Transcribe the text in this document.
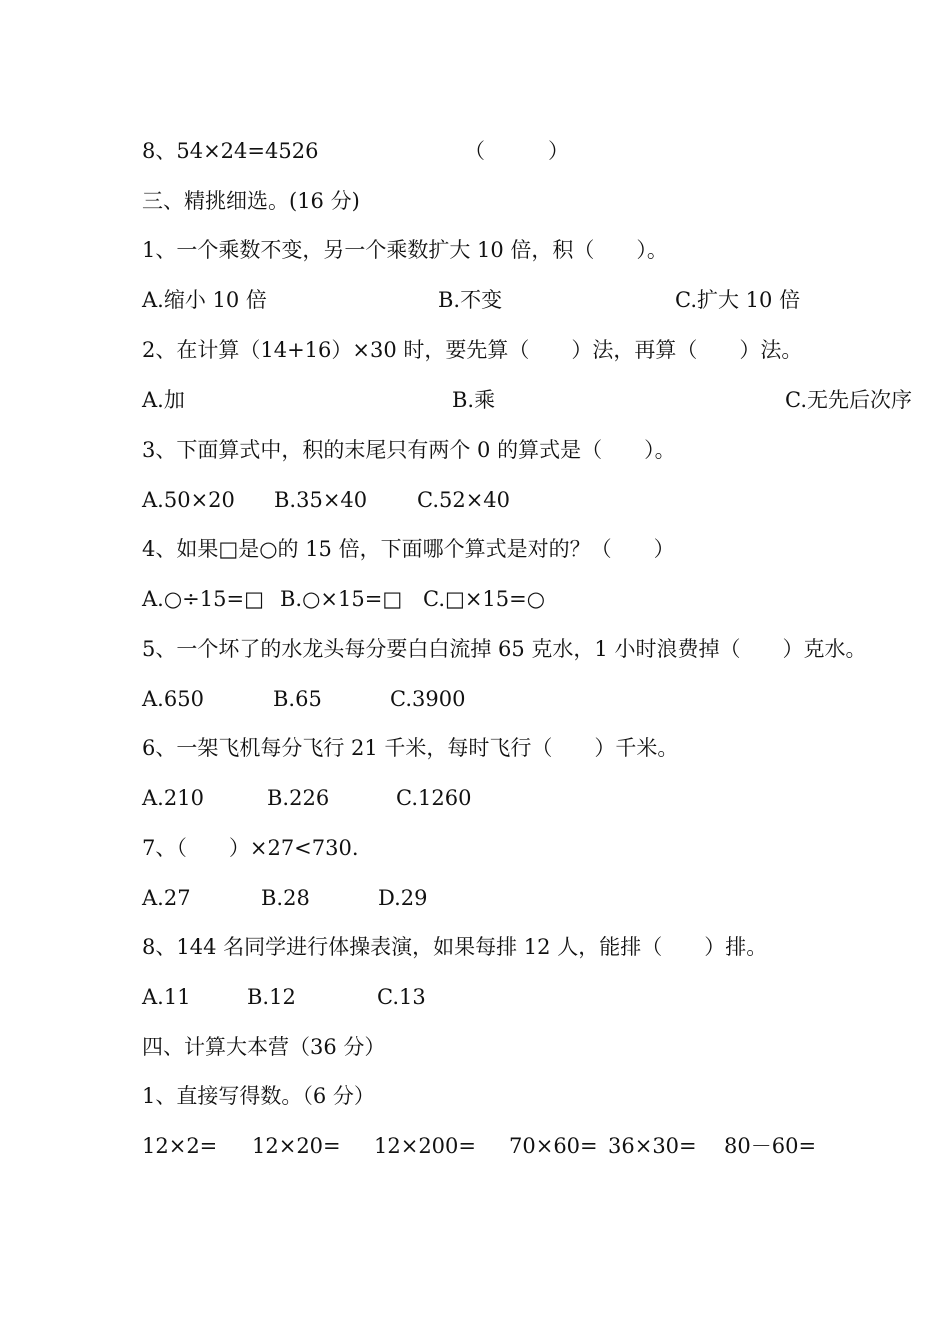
8、54×24=4526	（　　　）
三、精挑细选。(16 分)
1、一个乘数不变，另一个乘数扩大 10 倍，积（　　）。
A.缩小 10 倍	B.不变	C.扩大 10 倍
2、在计算（14+16）×30 时，要先算（　　）法，再算（　　）法。
A.加	B.乘	C.无先后次序
3、下面算式中，积的末尾只有两个 0 的算式是（　　）。
A.50×20 B.35×40 C.52×40
4、如果□是○的 15 倍，下面哪个算式是对的？（　　）
A.○÷15=□ B.○×15=□ C.□×15=○
5、一个坏了的水龙头每分要白白流掉 65 克水，1 小时浪费掉（　　）克水。
A.650	B.65	C.3900
6、一架飞机每分飞行 21 千米，每时飞行（　　）千米。
A.210	B.226	C.1260
7、（　　）×27<730.
A.27	B.28	D.29
8、144 名同学进行体操表演，如果每排 12 人，能排（　　）排。
A.11	B.12	C.13
四、计算大本营（36 分）
1、直接写得数。（6 分）
12×2= 12×20= 12×200= 70×60= 36×30= 80－60=
